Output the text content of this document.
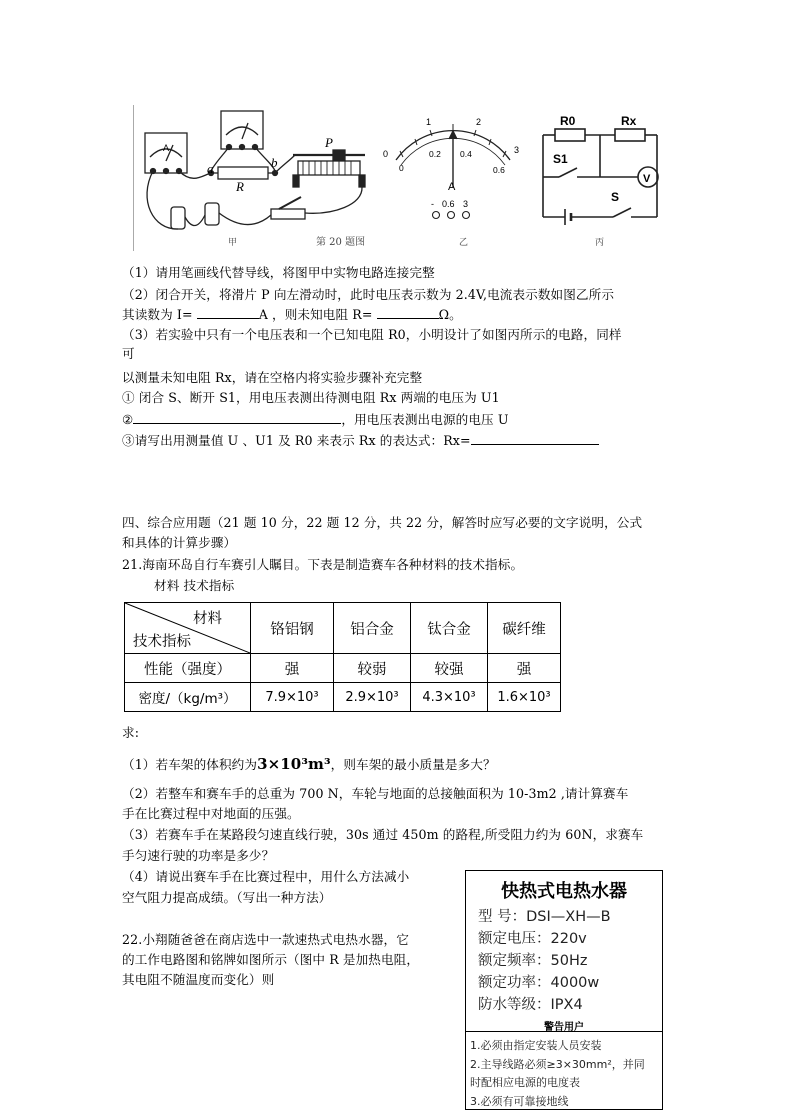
a	b
R
P
A
0
1	2
3
0
0.2 0.4
0.6
A
- 0.6 3
R0	Rx
S1
V
S
甲	第 20 题图	乙	丙
（1）请用笔画线代替导线，将图甲中实物电路连接完整
（2）闭合开关，将滑片 P 向左滑动时，此时电压表示数为 2.4V,电流表示数如图乙所示
其读数为 I=	A ，则未知电阻 R=	Ω。
（3）若实验中只有一个电压表和一个已知电阻 R0，小明设计了如图丙所示的电路，同样
可
以测量未知电阻 Rx，请在空格内将实验步骤补充完整
① 闭合 S、断开 S1，用电压表测出待测电阻 Rx 两端的电压为 U1
②	，用电压表测出电源的电压 U
③请写出用测量值 U 、U1 及 R0 来表示 Rx 的表达式：Rx=
四、综合应用题（21 题 10 分，22 题 12 分，共 22 分，解答时应写必要的文字说明，公式
和具体的计算步骤）
21.海南环岛自行车赛引人瞩目。下表是制造赛车各种材料的技术指标。
材料 技术指标
材料
技术指标	铬铝钢	铝合金	钛合金	碳纤维
性能（强度）	强	较弱	较强	强
密度/（kg/m³）	7.9×10³	2.9×10³	4.3×10³	1.6×10³
求:
（1）若车架的体积约为3×10³m³，则车架的最小质量是多大？
（2）若整车和赛车手的总重为 700 N，车轮与地面的总接触面积为 10-3m2 ,请计算赛车
手在比赛过程中对地面的压强。
（3）若赛车手在某路段匀速直线行驶，30s 通过 450m 的路程,所受阻力约为 60N，求赛车
手匀速行驶的功率是多少？
（4）请说出赛车手在比赛过程中，用什么方法减小
空气阻力提高成绩。（写出一种方法）
22.小翔随爸爸在商店选中一款速热式电热水器，它
的工作电路图和铭牌如图所示（图中 R 是加热电阻，
其电阻不随温度而变化）则
快热式电热水器
型 号：DSI—XH—B
额定电压：220v
额定频率：50Hz
额定功率：4000w
防水等级：IPX4
警告用户
1.必须由指定安装人员安装
2.主导线路必须≥3×30mm²，并同
时配相应电源的电度表
3.必须有可靠接地线
